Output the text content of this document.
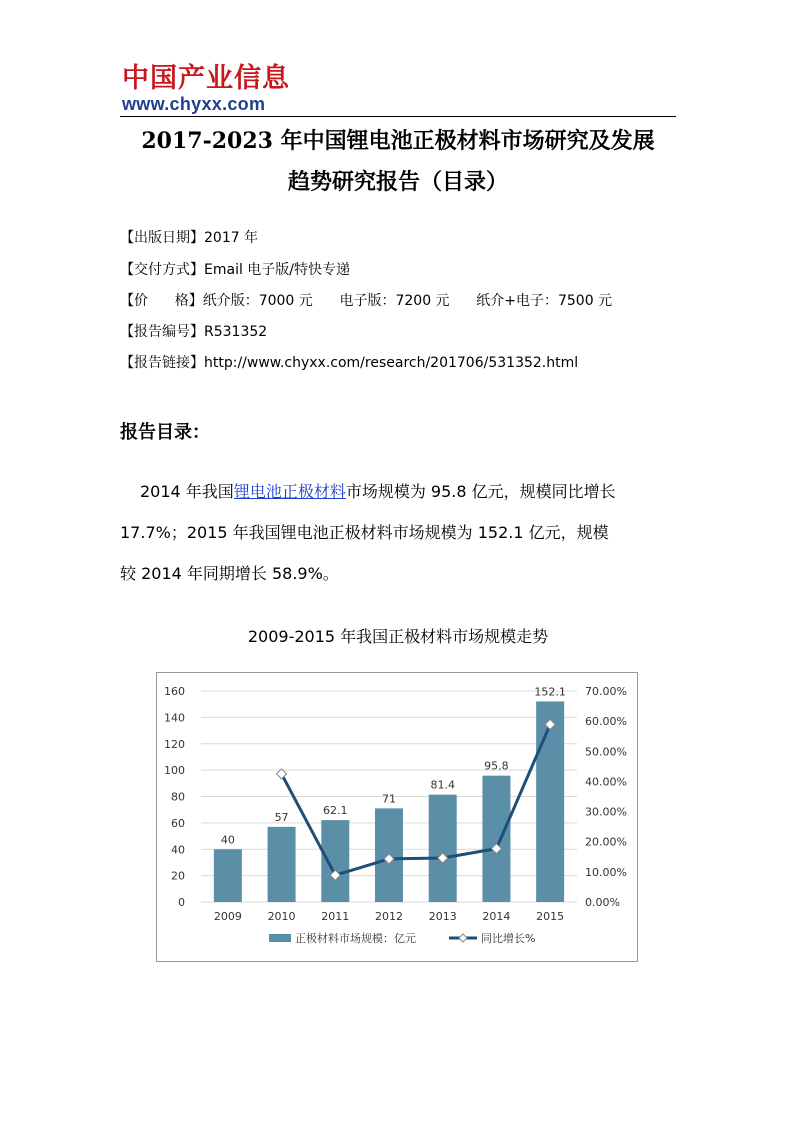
中国产业信息
www.chyxx.com
2017-2023 年中国锂电池正极材料市场研究及发展
趋势研究报告（目录）
【出版日期】2017 年
【交付方式】Email 电子版/特快专递
【价      格】纸介版：7000 元      电子版：7200 元      纸介+电子：7500 元
【报告编号】R531352
【报告链接】http://www.chyxx.com/research/201706/531352.html
报告目录：
2014 年我国锂电池正极材料市场规模为 95.8 亿元，规模同比增长
17.7%；2015 年我国锂电池正极材料市场规模为 152.1 亿元，规模
较 2014 年同期增长 58.9%。
2009-2015 年我国正极材料市场规模走势
0
20
40
60
80
100
120
140
160
0.00%
10.00%
20.00%
30.00%
40.00%
50.00%
60.00%
70.00%
40
2009
57
2010
62.1
2011
71
2012
81.4
2013
95.8
2014
152.1
2015
正极材料市场规模：亿元	同比增长%
